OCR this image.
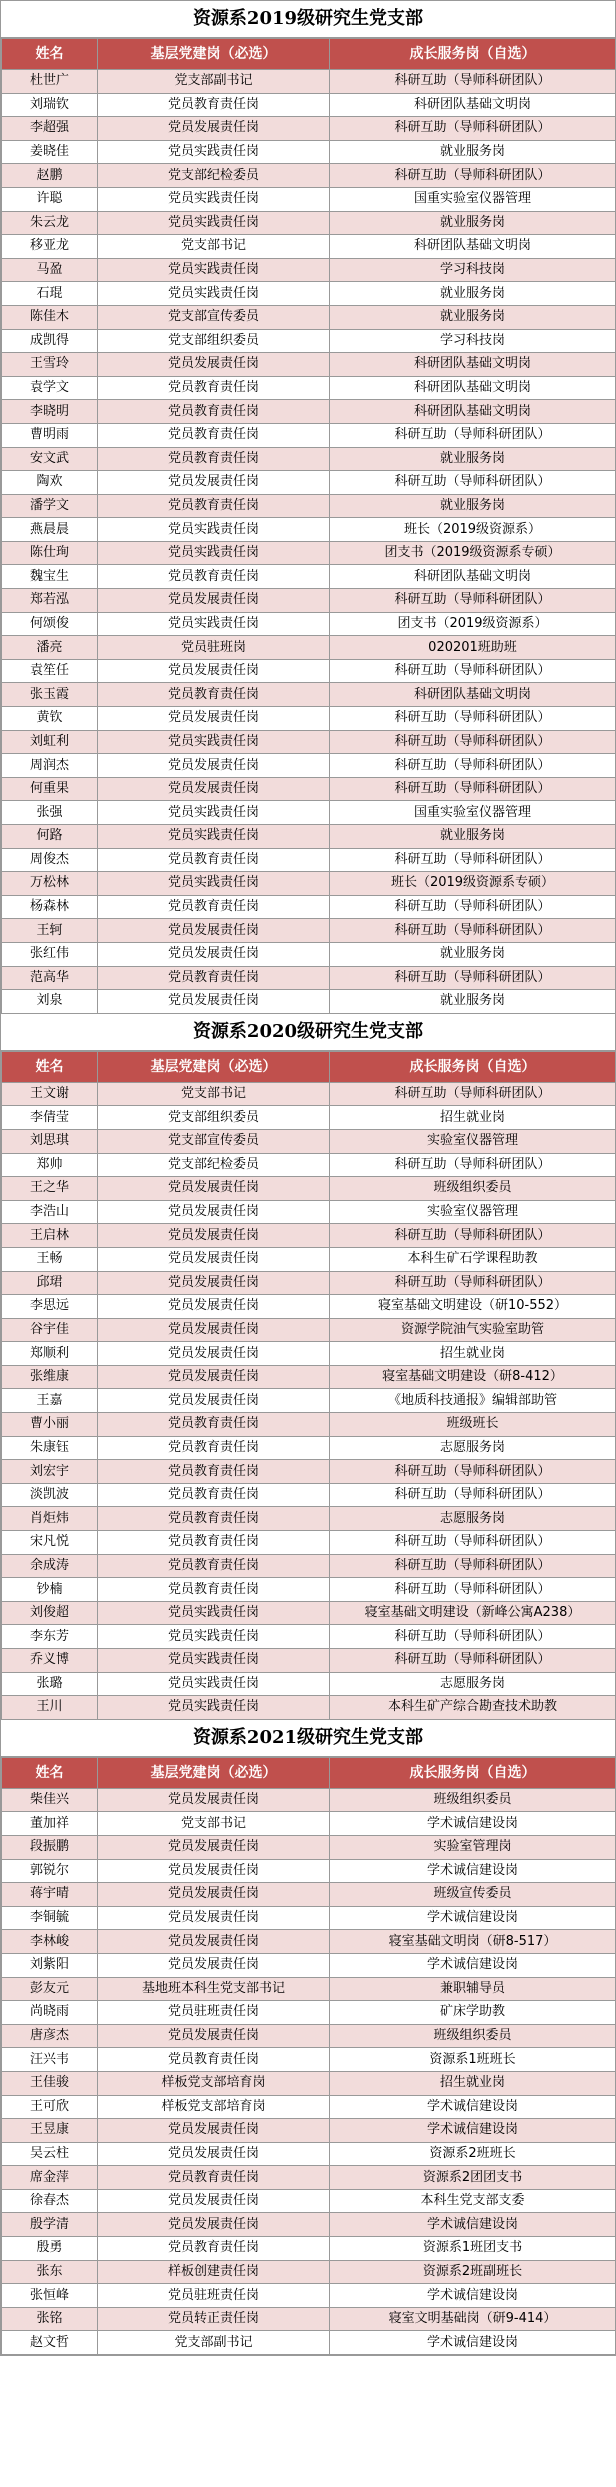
资源系2019级研究生党支部
姓名	基层党建岗（必选）	成长服务岗（自选）
杜世广	党支部副书记	科研互助（导师科研团队）
刘瑞钦	党员教育责任岗	科研团队基础文明岗
李超强	党员发展责任岗	科研互助（导师科研团队）
姜晓佳	党员实践责任岗	就业服务岗
赵鹏	党支部纪检委员	科研互助（导师科研团队）
许聪	党员实践责任岗	国重实验室仪器管理
朱云龙	党员实践责任岗	就业服务岗
移亚龙	党支部书记	科研团队基础文明岗
马盈	党员实践责任岗	学习科技岗
石琨	党员实践责任岗	就业服务岗
陈佳木	党支部宣传委员	就业服务岗
成凯得	党支部组织委员	学习科技岗
王雪玲	党员发展责任岗	科研团队基础文明岗
袁学文	党员教育责任岗	科研团队基础文明岗
李晓明	党员教育责任岗	科研团队基础文明岗
曹明雨	党员教育责任岗	科研互助（导师科研团队）
安文武	党员教育责任岗	就业服务岗
陶欢	党员发展责任岗	科研互助（导师科研团队）
潘学文	党员教育责任岗	就业服务岗
燕晨晨	党员实践责任岗	班长（2019级资源系）
陈仕珣	党员实践责任岗	团支书（2019级资源系专硕）
魏宝生	党员教育责任岗	科研团队基础文明岗
郑若泓	党员发展责任岗	科研互助（导师科研团队）
何颂俊	党员实践责任岗	团支书（2019级资源系）
潘亮	党员驻班岗	020201班助班
袁笙任	党员发展责任岗	科研互助（导师科研团队）
张玉霞	党员教育责任岗	科研团队基础文明岗
黄钦	党员发展责任岗	科研互助（导师科研团队）
刘虹利	党员实践责任岗	科研互助（导师科研团队）
周润杰	党员发展责任岗	科研互助（导师科研团队）
何重果	党员发展责任岗	科研互助（导师科研团队）
张强	党员实践责任岗	国重实验室仪器管理
何路	党员实践责任岗	就业服务岗
周俊杰	党员教育责任岗	科研互助（导师科研团队）
万松林	党员实践责任岗	班长（2019级资源系专硕）
杨森林	党员教育责任岗	科研互助（导师科研团队）
王轲	党员发展责任岗	科研互助（导师科研团队）
张红伟	党员发展责任岗	就业服务岗
范高华	党员教育责任岗	科研互助（导师科研团队）
刘泉	党员发展责任岗	就业服务岗
资源系2020级研究生党支部
姓名	基层党建岗（必选）	成长服务岗（自选）
王文谢	党支部书记	科研互助（导师科研团队）
李倩莹	党支部组织委员	招生就业岗
刘思琪	党支部宣传委员	实验室仪器管理
郑帅	党支部纪检委员	科研互助（导师科研团队）
王之华	党员发展责任岗	班级组织委员
李浩山	党员发展责任岗	实验室仪器管理
王启林	党员发展责任岗	科研互助（导师科研团队）
王畅	党员发展责任岗	本科生矿石学课程助教
邱珺	党员发展责任岗	科研互助（导师科研团队）
李思远	党员发展责任岗	寝室基础文明建设（研10-552）
谷宇佳	党员发展责任岗	资源学院油气实验室助管
郑顺利	党员发展责任岗	招生就业岗
张维康	党员发展责任岗	寝室基础文明建设（研8-412）
王嘉	党员发展责任岗	《地质科技通报》编辑部助管
曹小丽	党员教育责任岗	班级班长
朱康钰	党员教育责任岗	志愿服务岗
刘宏宇	党员教育责任岗	科研互助（导师科研团队）
淡凯波	党员教育责任岗	科研互助（导师科研团队）
肖炬炜	党员教育责任岗	志愿服务岗
宋凡悦	党员教育责任岗	科研互助（导师科研团队）
余成涛	党员教育责任岗	科研互助（导师科研团队）
钞楠	党员教育责任岗	科研互助（导师科研团队）
刘俊超	党员实践责任岗	寝室基础文明建设（新峰公寓A238）
李东芳	党员实践责任岗	科研互助（导师科研团队）
乔义博	党员实践责任岗	科研互助（导师科研团队）
张璐	党员实践责任岗	志愿服务岗
王川	党员实践责任岗	本科生矿产综合勘查技术助教
资源系2021级研究生党支部
姓名	基层党建岗（必选）	成长服务岗（自选）
柴佳兴	党员发展责任岗	班级组织委员
董加祥	党支部书记	学术诚信建设岗
段振鹏	党员发展责任岗	实验室管理岗
郭锐尔	党员发展责任岗	学术诚信建设岗
蒋宇晴	党员发展责任岗	班级宣传委员
李铜毓	党员发展责任岗	学术诚信建设岗
李林峻	党员发展责任岗	寝室基础文明岗（研8-517）
刘紫阳	党员发展责任岗	学术诚信建设岗
彭友元	基地班本科生党支部书记	兼职辅导员
尚晓雨	党员驻班责任岗	矿床学助教
唐彦杰	党员发展责任岗	班级组织委员
汪兴韦	党员教育责任岗	资源系1班班长
王佳骏	样板党支部培育岗	招生就业岗
王可欣	样板党支部培育岗	学术诚信建设岗
王昱康	党员发展责任岗	学术诚信建设岗
吴云柱	党员发展责任岗	资源系2班班长
席金萍	党员教育责任岗	资源系2团团支书
徐春杰	党员发展责任岗	本科生党支部支委
殷学清	党员发展责任岗	学术诚信建设岗
殷勇	党员教育责任岗	资源系1班团支书
张东	样板创建责任岗	资源系2班副班长
张恒峰	党员驻班责任岗	学术诚信建设岗
张铭	党员转正责任岗	寝室文明基础岗（研9-414）
赵文哲	党支部副书记	学术诚信建设岗
